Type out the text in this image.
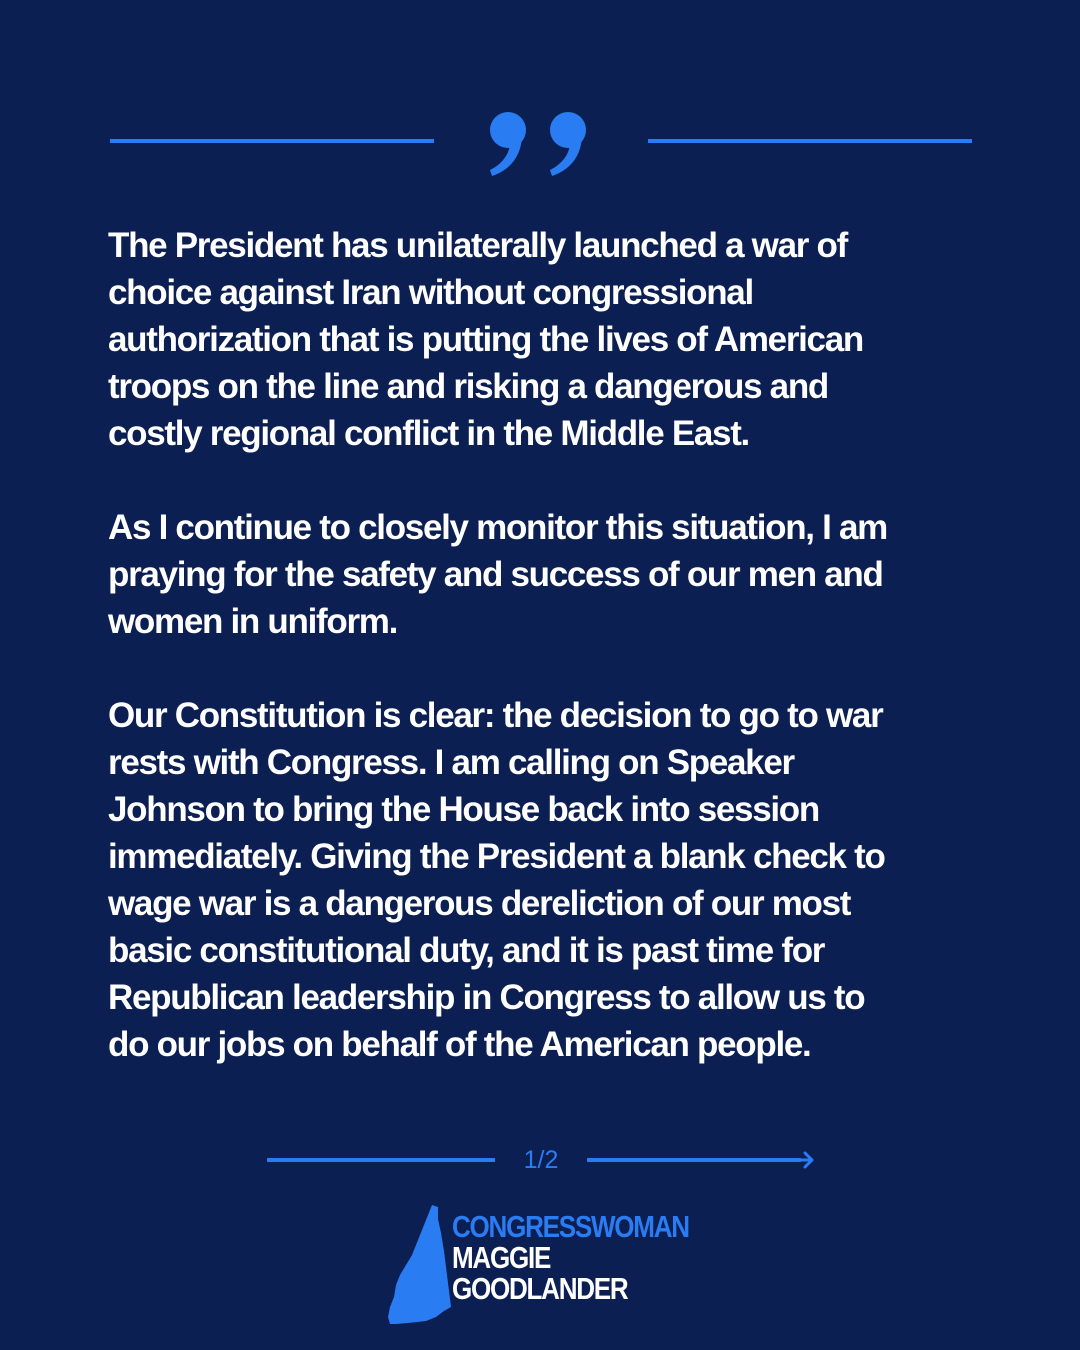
The President has unilaterally launched a war of
choice against Iran without congressional
authorization that is putting the lives of American
troops on the line and risking a dangerous and
costly regional conflict in the Middle East.

As I continue to closely monitor this situation, I am
praying for the safety and success of our men and
women in uniform.

Our Constitution is clear: the decision to go to war
rests with Congress. I am calling on Speaker
Johnson to bring the House back into session
immediately. Giving the President a blank check to
wage war is a dangerous dereliction of our most
basic constitutional duty, and it is past time for
Republican leadership in Congress to allow us to
do our jobs on behalf of the American people.

1/2
CONGRESSWOMAN
MAGGIE
GOODLANDER
